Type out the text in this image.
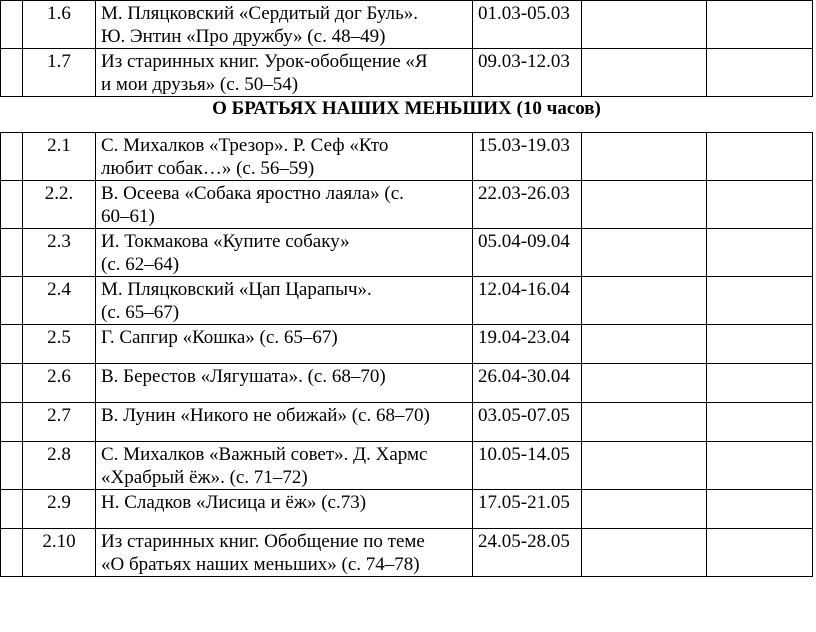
	1.6	М. Пляцковский «Сердитый дог Буль».
Ю. Энтин «Про дружбу» (с. 48–49)	01.03-05.03		
	1.7	Из старинных книг. Урок-обобщение «Я
и мои друзья» (с. 50–54)	09.03-12.03		
О БРАТЬЯХ НАШИХ МЕНЬШИХ (10 часов)					
	2.1	С. Михалков «Трезор». Р. Сеф «Кто
любит собак…» (с. 56–59)	15.03-19.03		
	2.2.	В. Осеева «Собака яростно лаяла» (с.
60–61)	22.03-26.03		
	2.3	И. Токмакова «Купите собаку»
(с. 62–64)	05.04-09.04		
	2.4	М. Пляцковский «Цап Царапыч».
(с. 65–67)	12.04-16.04		
	2.5	Г. Сапгир «Кошка» (с. 65–67)	19.04-23.04		
	2.6	В. Берестов «Лягушата». (с. 68–70)	26.04-30.04		
	2.7	В. Лунин «Никого не обижай» (с. 68–70)	03.05-07.05		
	2.8	С. Михалков «Важный совет». Д. Хармс
«Храбрый ёж». (с. 71–72)	10.05-14.05		
	2.9	Н. Сладков «Лисица и ёж» (с.73)	17.05-21.05		
	2.10	Из старинных книг. Обобщение по теме
«О братьях наших меньших» (с. 74–78)	24.05-28.05		
